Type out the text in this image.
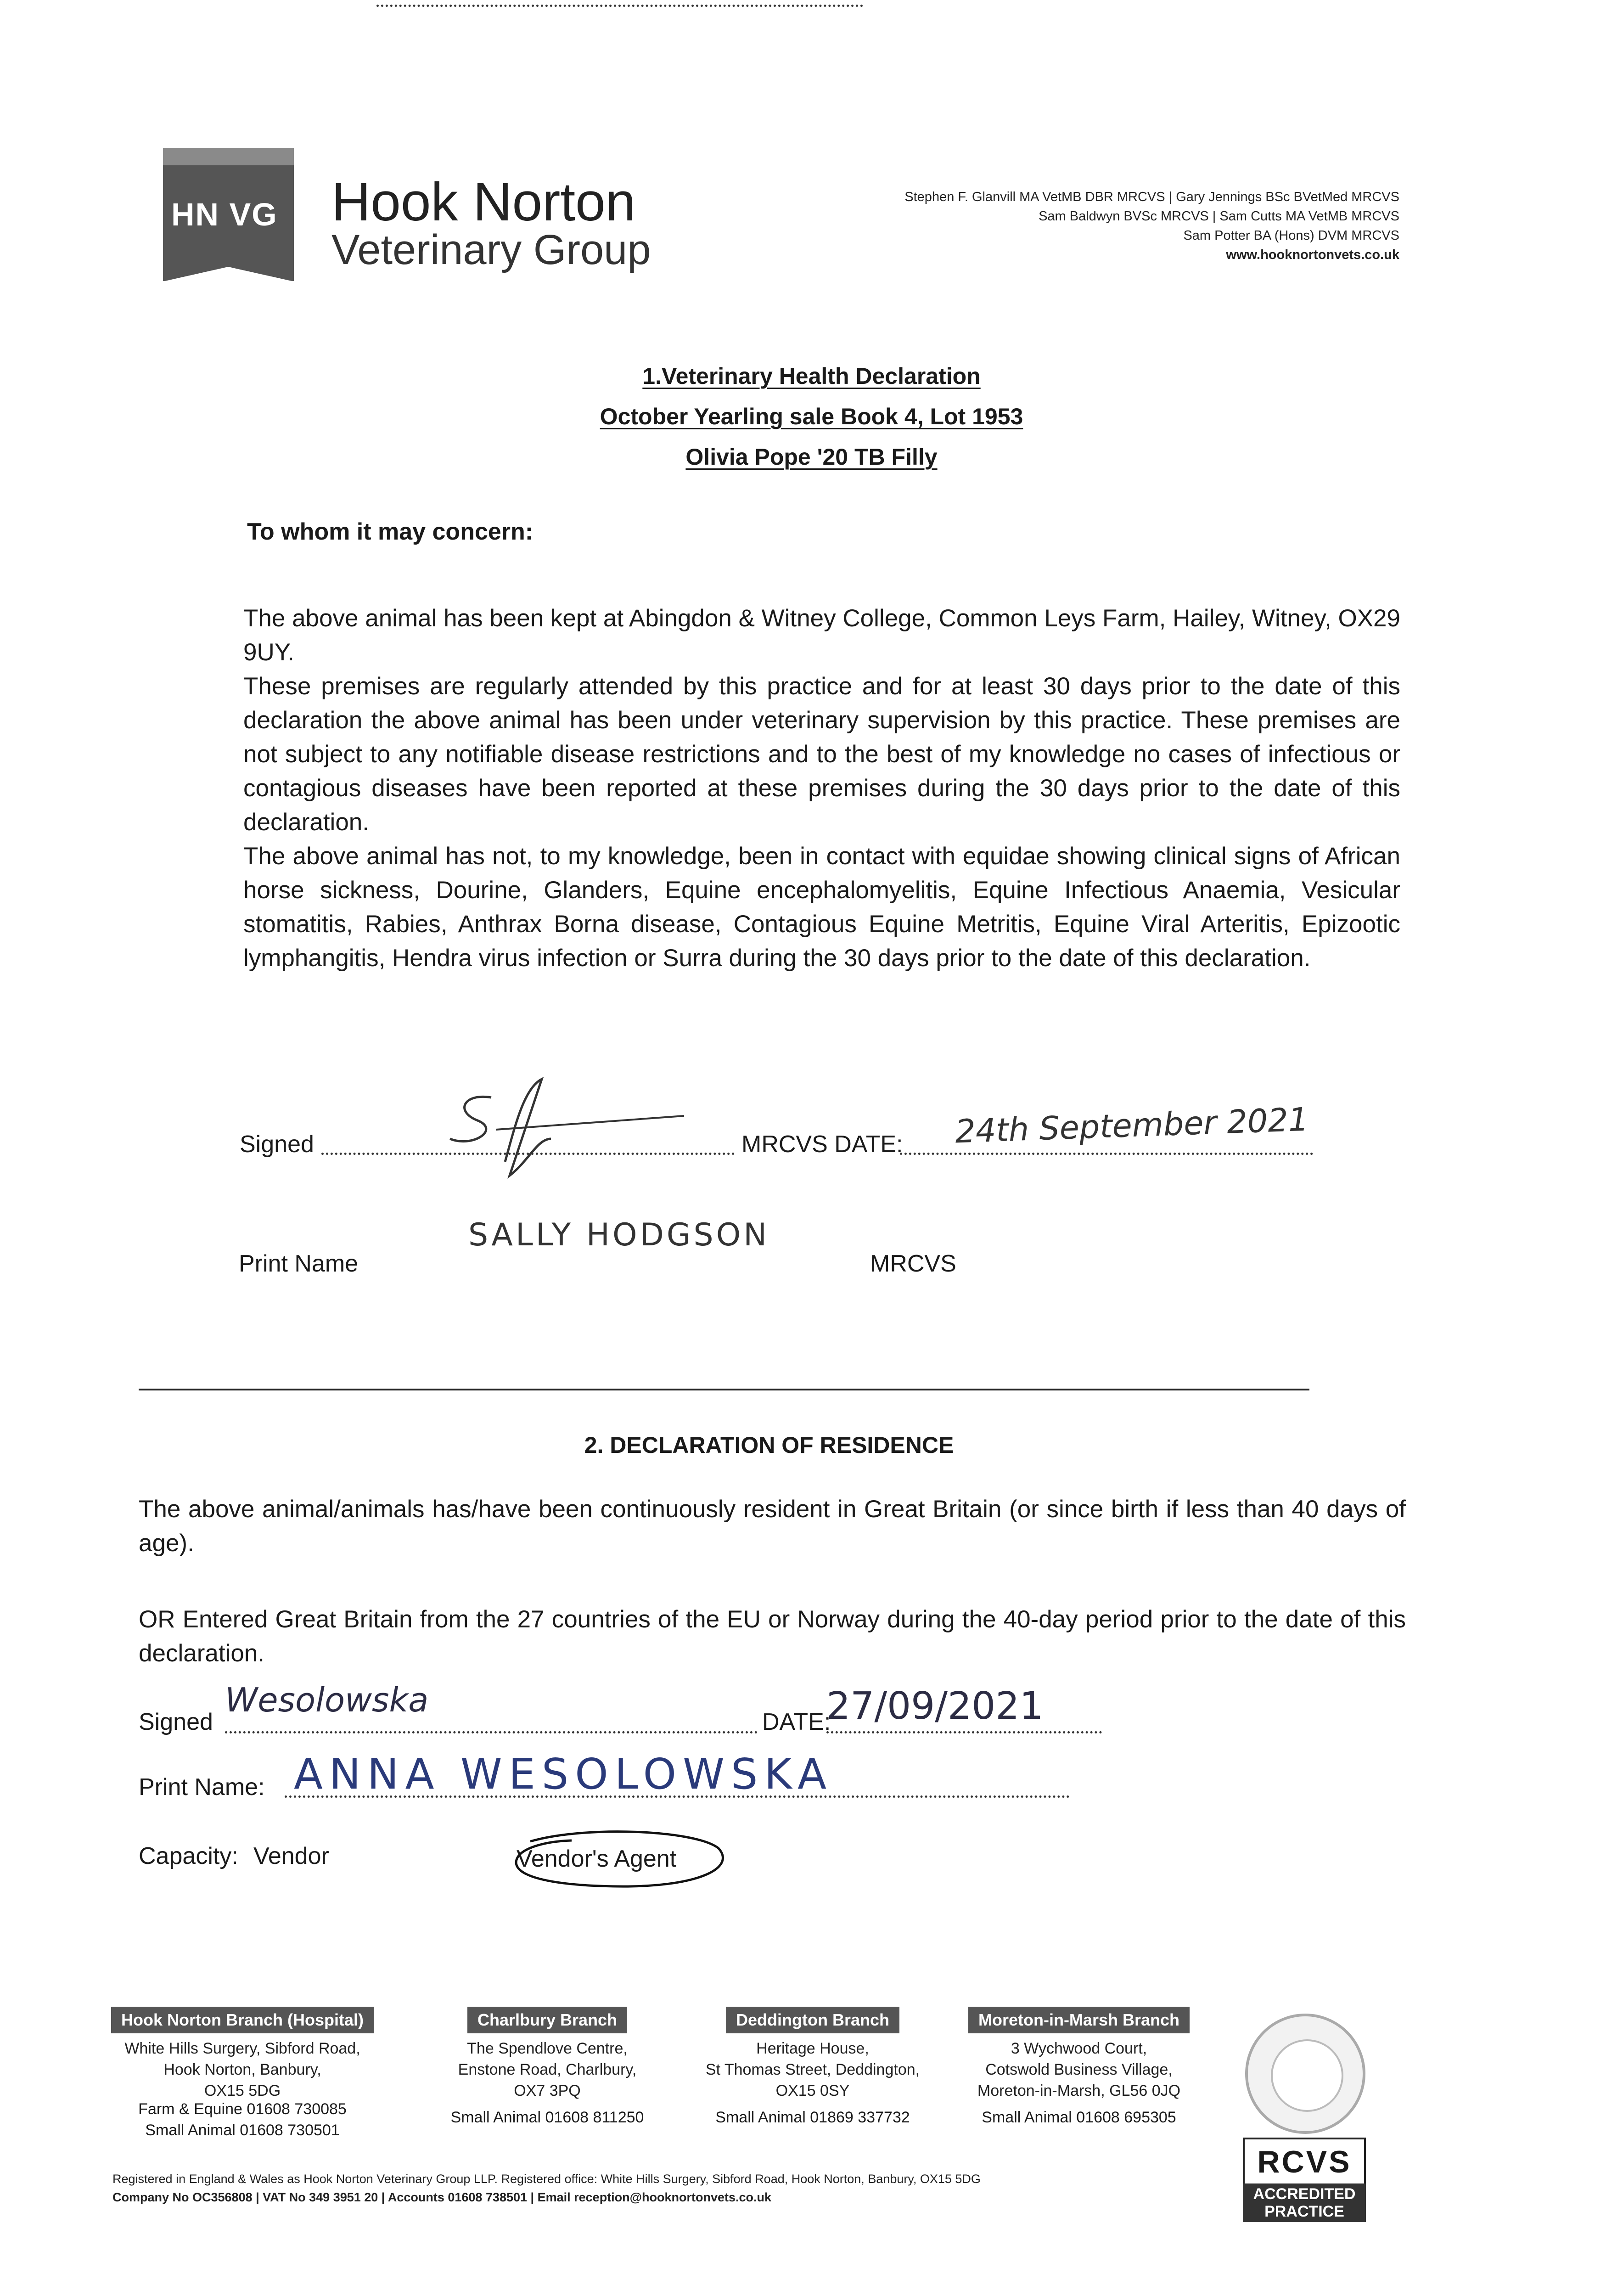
HN VG Hook Norton
Veterinary Group
Stephen F. Glanvill MA VetMB DBR MRCVS | Gary Jennings BSc BVetMed MRCVS
Sam Baldwyn BVSc MRCVS | Sam Cutts MA VetMB MRCVS
Sam Potter BA (Hons) DVM MRCVS
www.hooknortonvets.co.uk
1.Veterinary Health Declaration
October Yearling sale Book 4, Lot 1953
Olivia Pope '20 TB Filly
To whom it may concern:

The above animal has been kept at Abingdon & Witney College, Common Leys Farm, Hailey, Witney, OX29 9UY.

These premises are regularly attended by this practice and for at least 30 days prior to the date of this declaration the above animal has been under veterinary supervision by this practice. These premises are not subject to any notifiable disease restrictions and to the best of my knowledge no cases of infectious or contagious diseases have been reported at these premises during the 30 days prior to the date of this declaration.

The above animal has not, to my knowledge, been in contact with equidae showing clinical signs of African horse sickness, Dourine, Glanders, Equine encephalomyelitis, Equine Infectious Anaemia, Vesicular stomatitis, Rabies, Anthrax Borna disease, Contagious Equine Metritis, Equine Viral Arteritis, Epizootic lymphangitis, Hendra virus infection or Surra during the 30 days prior to the date of this declaration.

Signed	MRCVS DATE: 24th September 2021
Print Name
SALLY HODGSON
MRCVS
2. DECLARATION OF RESIDENCE
The above animal/animals has/have been continuously resident in Great Britain (or since birth if less than 40 days of age).
OR Entered Great Britain from the 27 countries of the EU or Norway during the 40-day period prior to the date of this declaration.
Signed
Wesolowska
DATE:
27/09/2021
Print Name: ANNA WESOLOWSKA
Capacity: Vendor	Vendor's Agent
Hook Norton Branch (Hospital)
White Hills Surgery, Sibford Road,
Hook Norton, Banbury,
OX15 5DG
Charlbury Branch
The Spendlove Centre,
Enstone Road, Charlbury,
OX7 3PQ
Deddington Branch
Heritage House,
St Thomas Street, Deddington,
OX15 0SY
Moreton-in-Marsh Branch
3 Wychwood Court,
Cotswold Business Village,
Moreton-in-Marsh, GL56 0JQ
Farm & Equine 01608 730085
Small Animal 01608 730501
Small Animal 01608 811250	Small Animal 01869 337732	Small Animal 01608 695305
Registered in England & Wales as Hook Norton Veterinary Group LLP. Registered office: White Hills Surgery, Sibford Road, Hook Norton, Banbury, OX15 5DG
Company No OC356808 | VAT No 349 3951 20 | Accounts 01608 738501 | Email reception@hooknortonvets.co.uk
RCVS
ACCREDITED
PRACTICE
